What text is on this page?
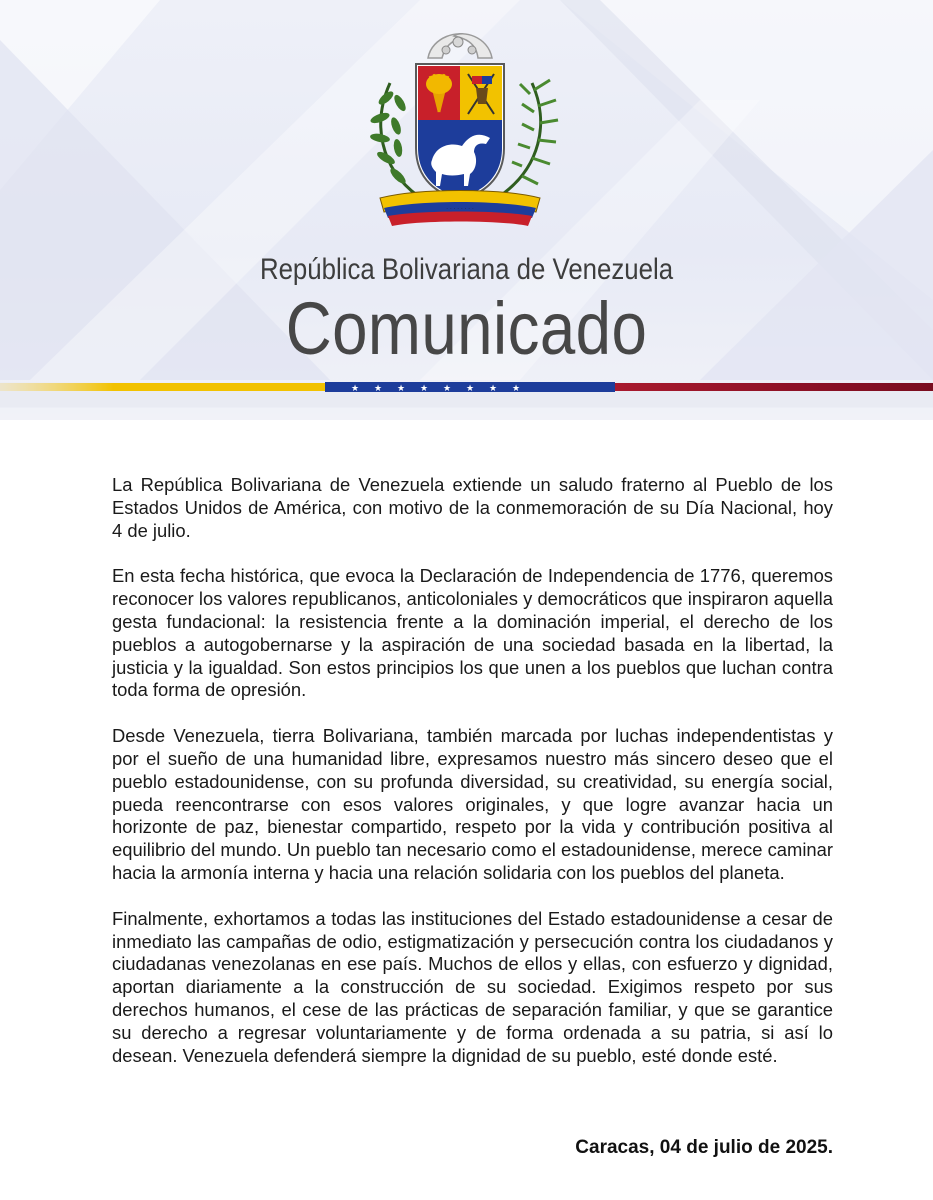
· · · · · · · ·
República Bolivariana de Venezuela
Comunicado
★ ★ ★ ★ ★ ★ ★ ★

La República Bolivariana de Venezuela extiende un saludo fraterno al Pueblo de los Estados Unidos de América, con motivo de la conmemoración de su Día Nacional, hoy 4 de julio.

En esta fecha histórica, que evoca la Declaración de Independencia de 1776, queremos reconocer los valores republicanos, anticoloniales y democráticos que inspiraron aquella gesta fundacional: la resistencia frente a la dominación imperial, el derecho de los pueblos a autogobernarse y la aspiración de una sociedad basada en la libertad, la justicia y la igualdad. Son estos principios los que unen a los pueblos que luchan contra toda forma de opresión.

Desde Venezuela, tierra Bolivariana, también marcada por luchas independentistas y por el sueño de una humanidad libre, expresamos nuestro más sincero deseo que el pueblo estadounidense, con su profunda diversidad, su creatividad, su energía social, pueda reencontrarse con esos valores originales, y que logre avanzar hacia un horizonte de paz, bienestar compartido, respeto por la vida y contribución positiva al equilibrio del mundo. Un pueblo tan necesario como el estadounidense, merece caminar hacia la armonía interna y hacia una relación solidaria con los pueblos del planeta.

Finalmente, exhortamos a todas las instituciones del Estado estadounidense a cesar de inmediato las campañas de odio, estigmatización y persecución contra los ciudadanos y ciudadanas venezolanas en ese país. Muchos de ellos y ellas, con esfuerzo y dignidad, aportan diariamente a la construcción de su sociedad. Exigimos respeto por sus derechos humanos, el cese de las prácticas de separación familiar, y que se garantice su derecho a regresar voluntariamente y de forma ordenada a su patria, si así lo desean. Venezuela defenderá siempre la dignidad de su pueblo, esté donde esté.

Caracas, 04 de julio de 2025.
